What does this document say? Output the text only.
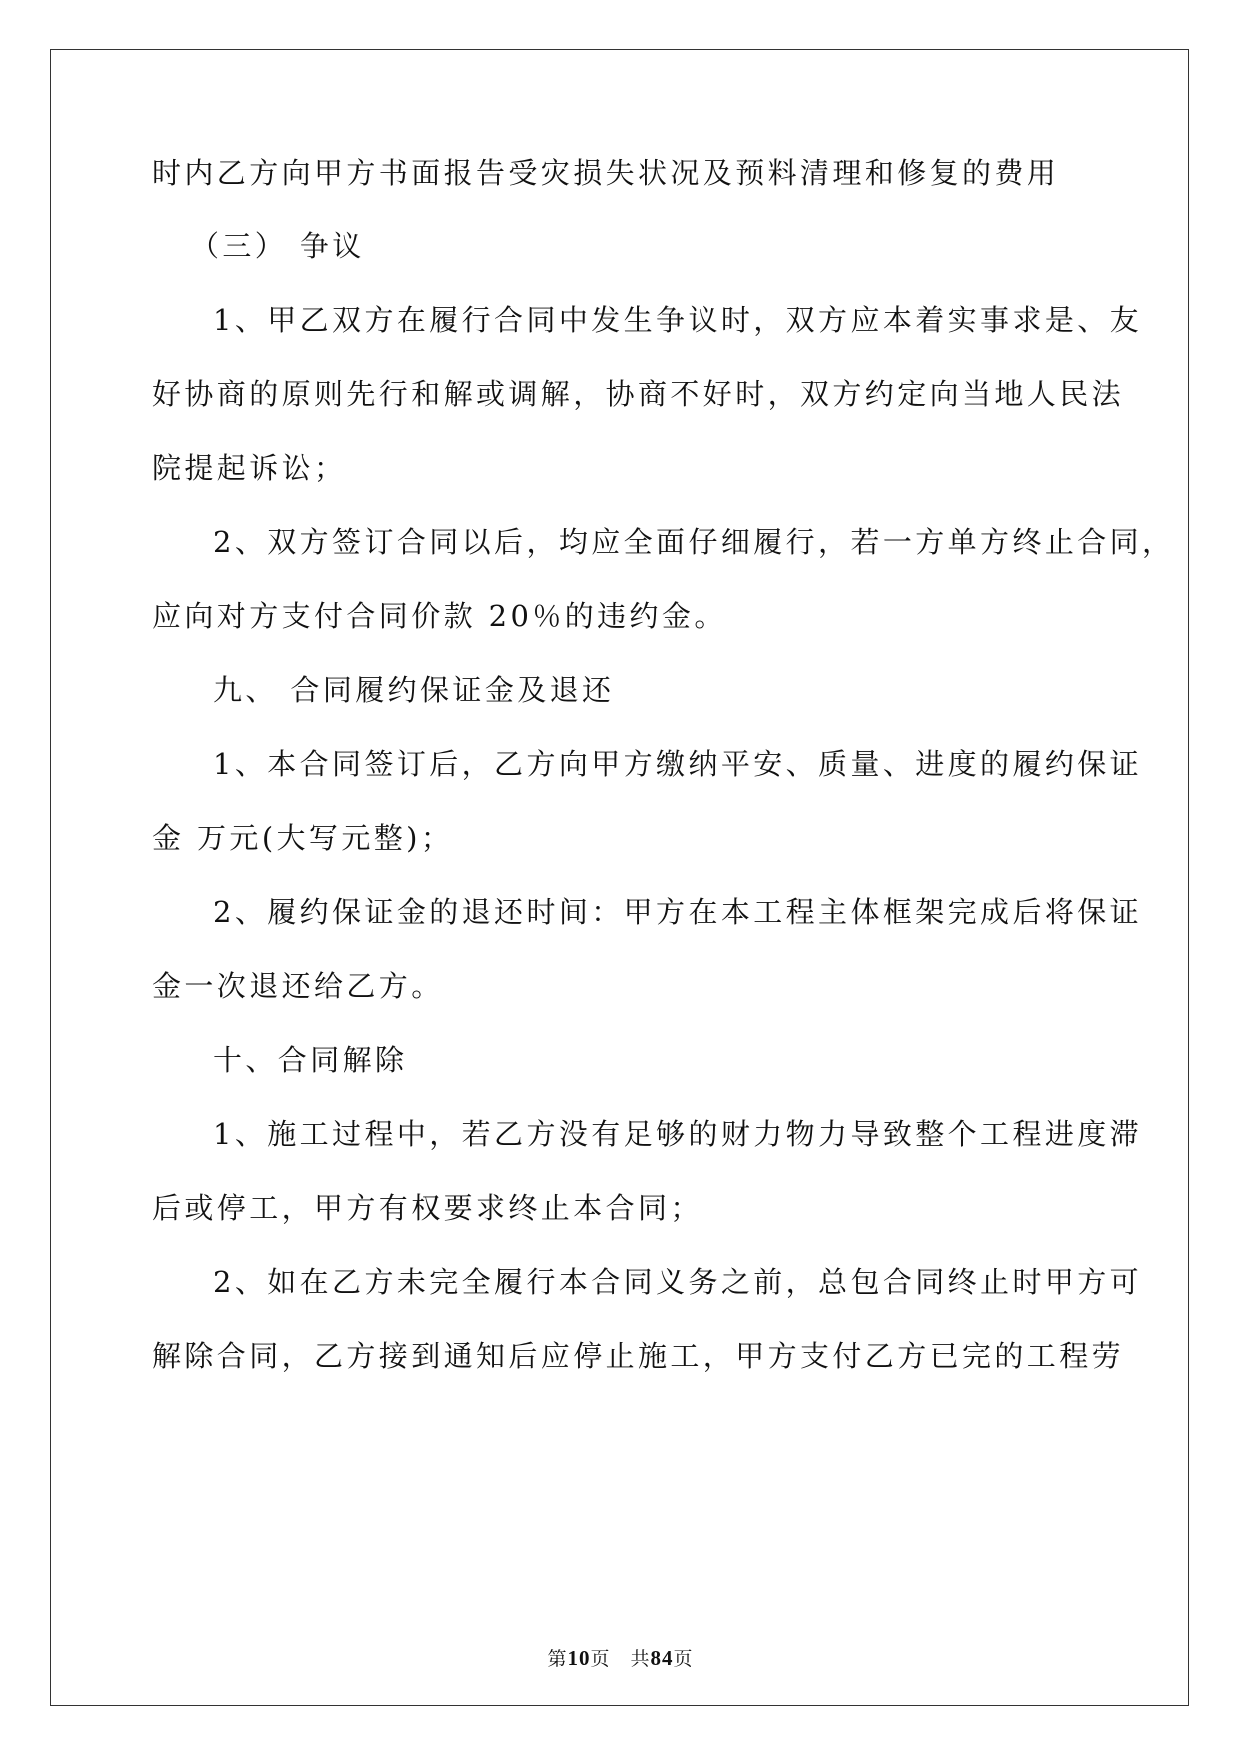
时内乙方向甲方书面报告受灾损失状况及预料清理和修复的费用
（三） 争议
1、甲乙双方在履行合同中发生争议时，双方应本着实事求是、友
好协商的原则先行和解或调解，协商不好时，双方约定向当地人民法
院提起诉讼；
2、双方签订合同以后，均应全面仔细履行，若一方单方终止合同，
应向对方支付合同价款 20％的违约金。
九、 合同履约保证金及退还
1、本合同签订后，乙方向甲方缴纳平安、质量、进度的履约保证
金 万元(大写元整)；
2、履约保证金的退还时间：甲方在本工程主体框架完成后将保证
金一次退还给乙方。
十、合同解除
1、施工过程中，若乙方没有足够的财力物力导致整个工程进度滞
后或停工，甲方有权要求终止本合同；
2、如在乙方未完全履行本合同义务之前，总包合同终止时甲方可
解除合同，乙方接到通知后应停止施工，甲方支付乙方已完的工程劳
第10页　共84页
